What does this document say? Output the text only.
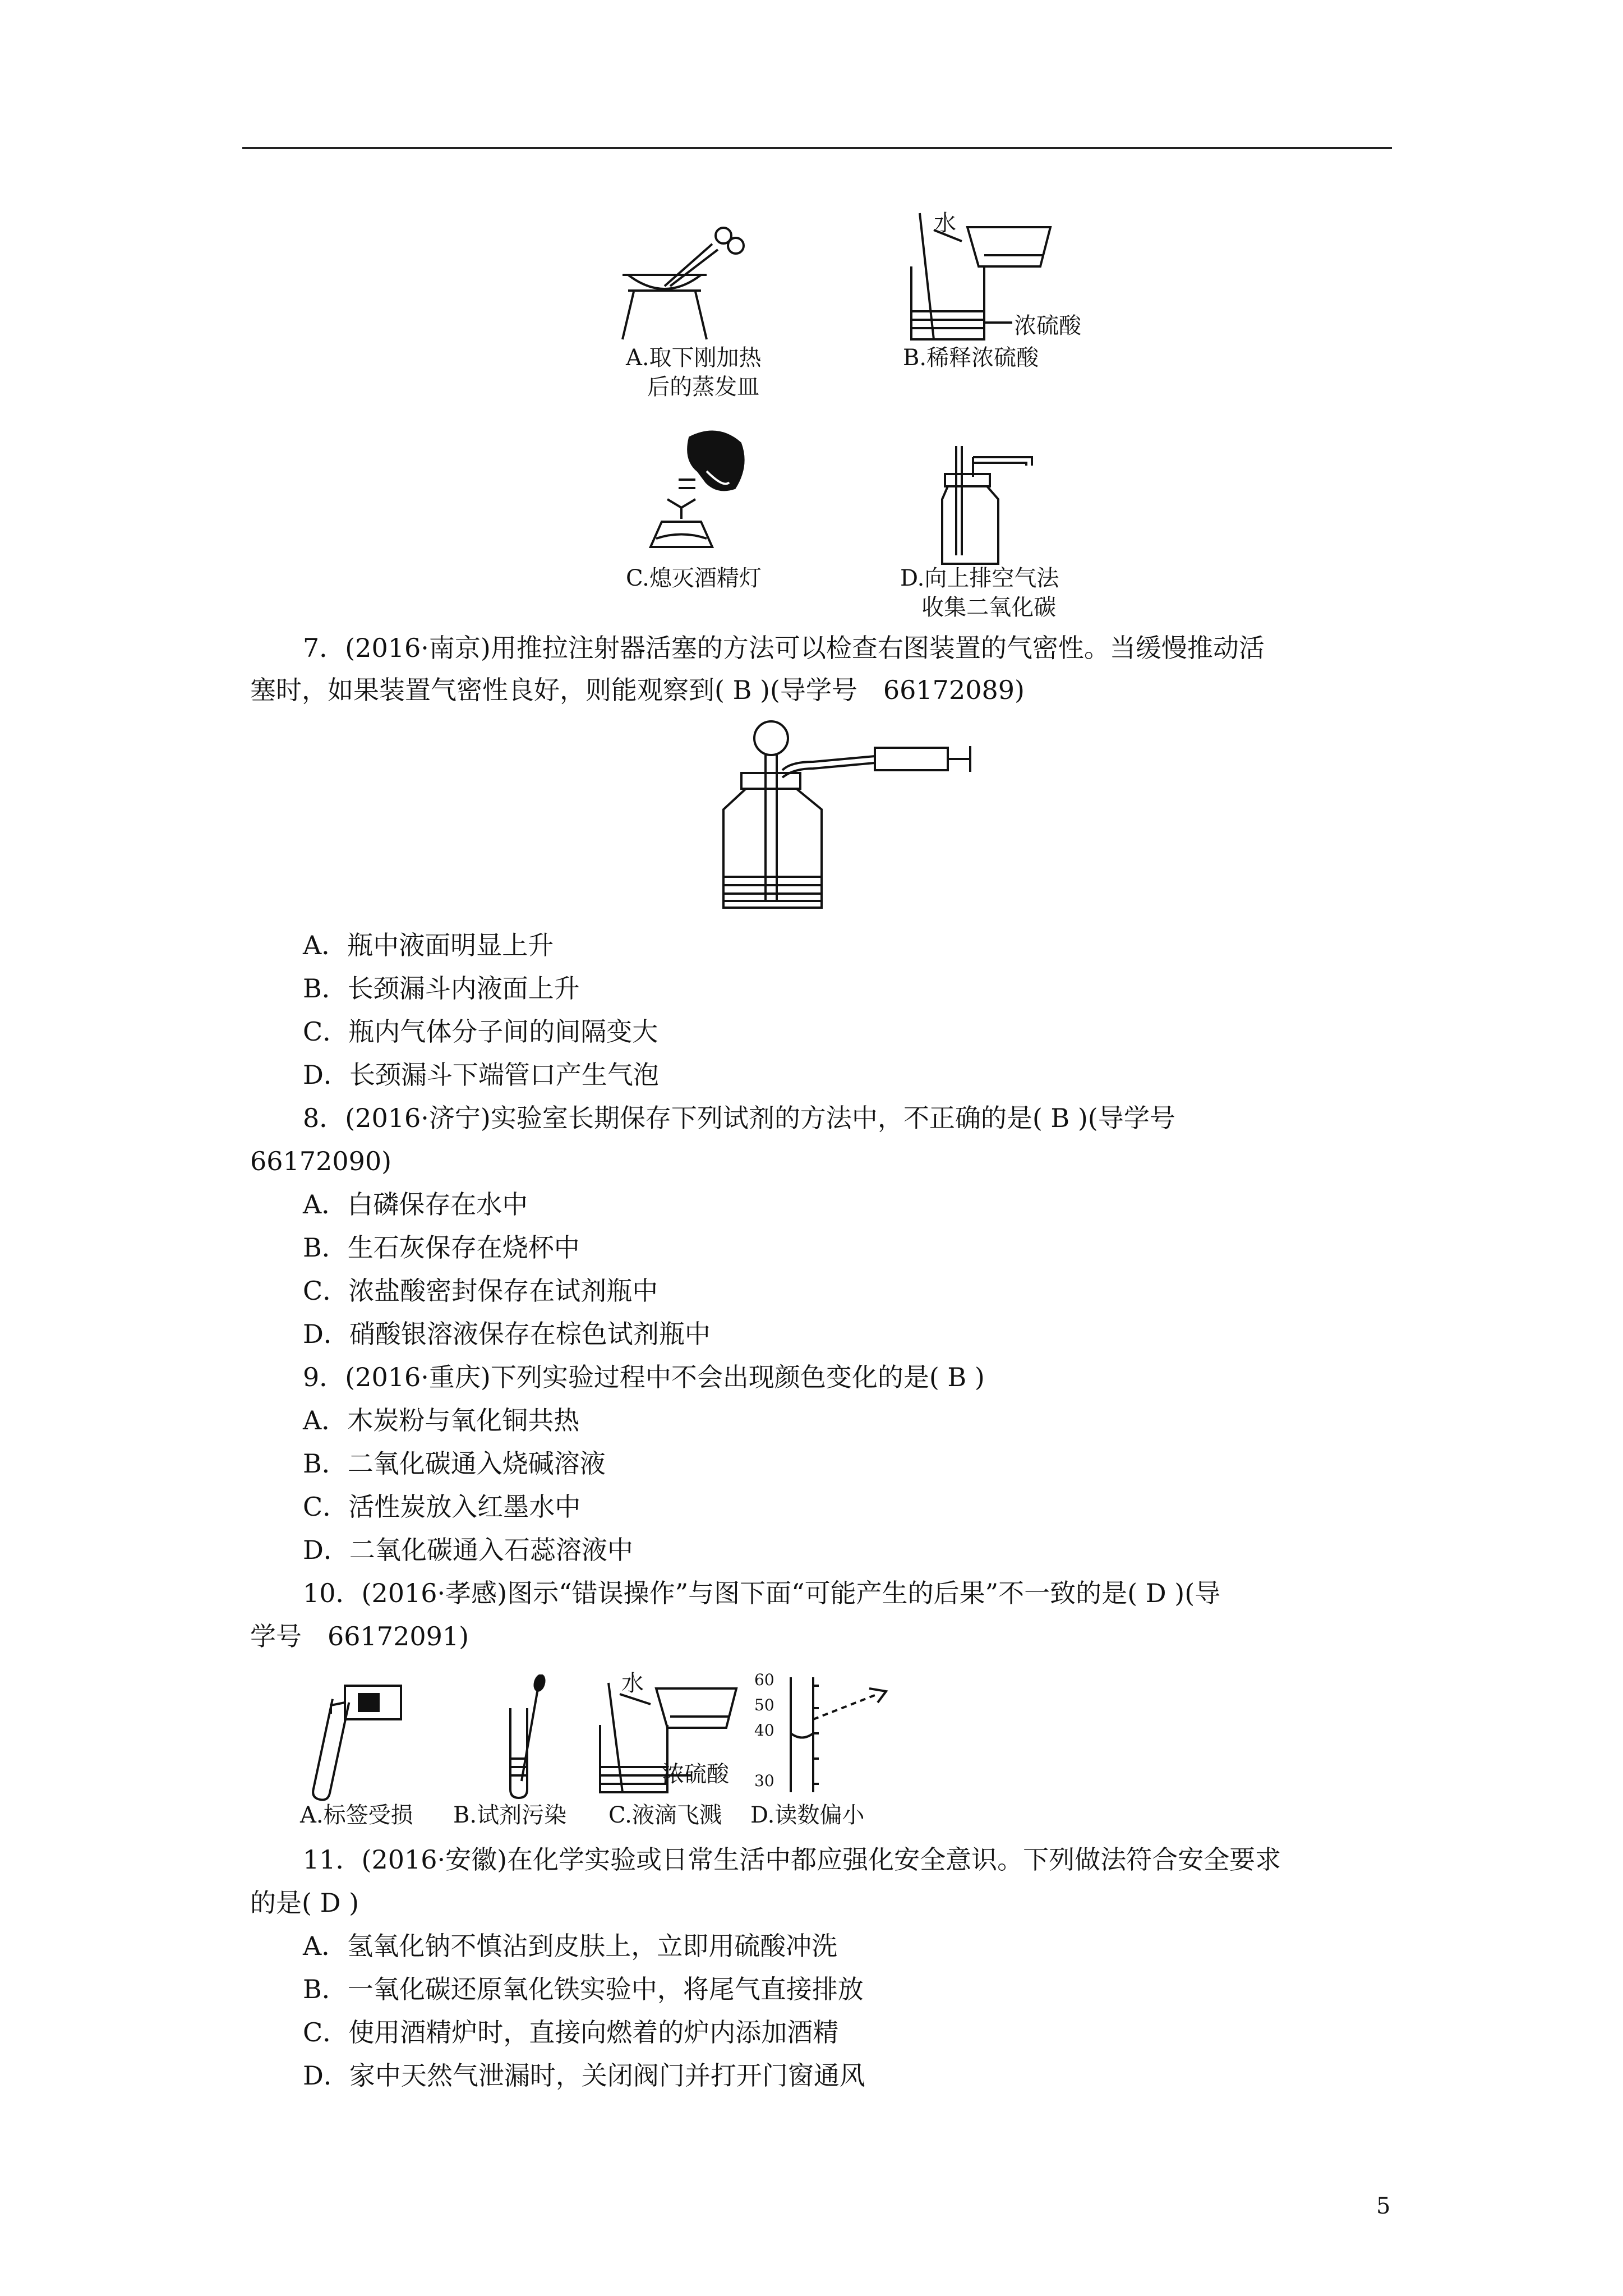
A.取下刚加热
后的蒸发皿
水
浓硫酸
B.稀释浓硫酸
C.熄灭酒精灯	D.向上排空气法
收集二氧化碳
7．(2016·南京)用推拉注射器活塞的方法可以检查右图装置的气密性。当缓慢推动活
塞时，如果装置气密性良好，则能观察到( B )(导学号　66172089)
A．瓶中液面明显上升
B．长颈漏斗内液面上升
C．瓶内气体分子间的间隔变大
D．长颈漏斗下端管口产生气泡
8．(2016·济宁)实验室长期保存下列试剂的方法中，不正确的是( B )(导学号
66172090)
A．白磷保存在水中
B．生石灰保存在烧杯中
C．浓盐酸密封保存在试剂瓶中
D．硝酸银溶液保存在棕色试剂瓶中
9．(2016·重庆)下列实验过程中不会出现颜色变化的是( B )
A．木炭粉与氧化铜共热
B．二氧化碳通入烧碱溶液
C．活性炭放入红墨水中
D．二氧化碳通入石蕊溶液中
10．(2016·孝感)图示“错误操作”与图下面“可能产生的后果”不一致的是( D )(导
学号　66172091)
A.标签受损 B.试剂污染
水
浓硫酸
C.液滴飞溅
60
50
40
30
D.读数偏小
11．(2016·安徽)在化学实验或日常生活中都应强化安全意识。下列做法符合安全要求
的是( D )
A．氢氧化钠不慎沾到皮肤上，立即用硫酸冲洗
B．一氧化碳还原氧化铁实验中，将尾气直接排放
C．使用酒精炉时，直接向燃着的炉内添加酒精
D．家中天然气泄漏时，关闭阀门并打开门窗通风
5
